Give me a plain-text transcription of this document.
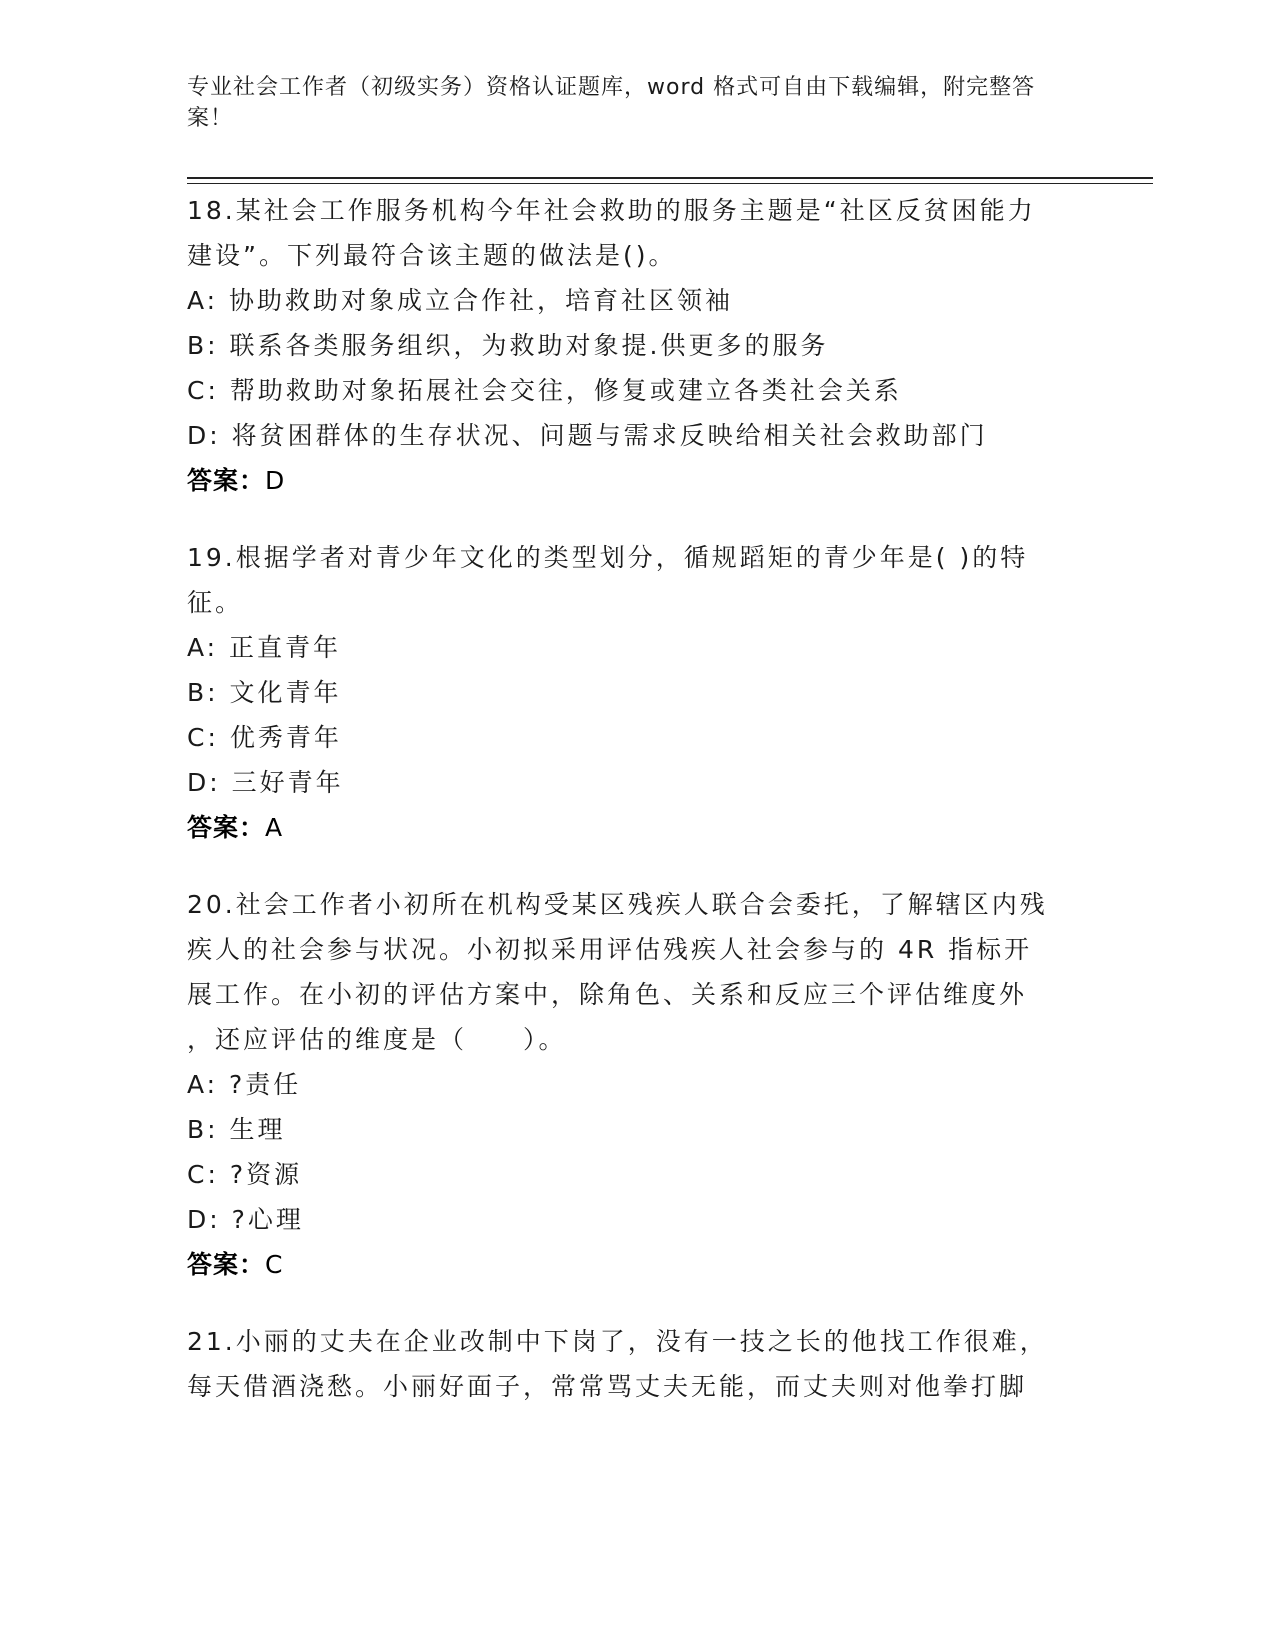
专业社会工作者（初级实务）资格认证题库，word 格式可自由下载编辑，附完整答案！
18.某社会工作服务机构今年社会救助的服务主题是“社区反贫困能力
建设”。下列最符合该主题的做法是()。
A: 协助救助对象成立合作社，培育社区领袖
B: 联系各类服务组织，为救助对象提.供更多的服务
C: 帮助救助对象拓展社会交往，修复或建立各类社会关系
D: 将贫困群体的生存状况、问题与需求反映给相关社会救助部门
答案：D
19.根据学者对青少年文化的类型划分，循规蹈矩的青少年是( )的特
征。
A: 正直青年
B: 文化青年
C: 优秀青年
D: 三好青年
答案：A
20.社会工作者小初所在机构受某区残疾人联合会委托，了解辖区内残
疾人的社会参与状况。小初拟采用评估残疾人社会参与的 4R 指标开
展工作。在小初的评估方案中，除角色、关系和反应三个评估维度外
，还应评估的维度是（　　）。
A: ?责任
B: 生理
C: ?资源
D: ?心理
答案：C
21.小丽的丈夫在企业改制中下岗了，没有一技之长的他找工作很难，
每天借酒浇愁。小丽好面子，常常骂丈夫无能，而丈夫则对他拳打脚
